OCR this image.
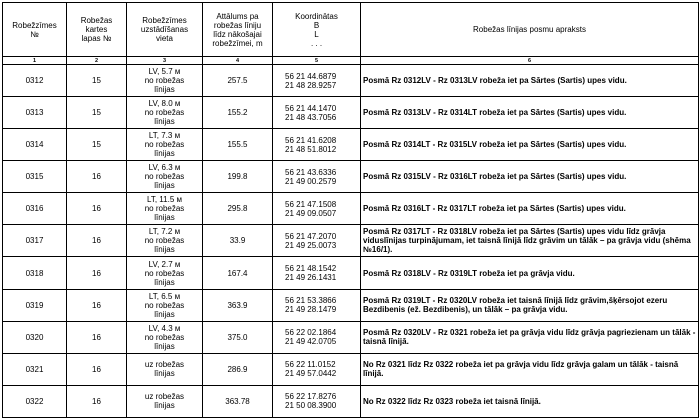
Robežzīmes
№	Robežas
kartes
lapas №	Robežzīmes
uzstādīšanas
vieta	Attālums pa
robežas līniju
līdz nākošajai
robežzīmei, m	Koordinātas
B
L
. . .	Robežas līnijas posmu apraksts
1	2	3	4	5	6
0312	15	LV, 5.7 м
no robežas
līnijas	257.5	56 21 44.6879
21 48 28.9257	Posmā Rz 0312LV - Rz 0313LV robeža iet pa Sārtes (Sartis) upes vidu.
0313	15	LV, 8.0 м
no robežas
līnijas	155.2	56 21 44.1470
21 48 43.7056	Posmā Rz 0313LV - Rz 0314LT robeža iet pa Sārtes (Sartis) upes vidu.
0314	15	LT, 7.3 м
no robežas
līnijas	155.5	56 21 41.6208
21 48 51.8012	Posmā Rz 0314LT - Rz 0315LV robeža iet pa Sārtes (Sartis) upes vidu.
0315	16	LV, 6.3 м
no robežas
līnijas	199.8	56 21 43.6336
21 49 00.2579	Posmā Rz 0315LV - Rz 0316LT robeža iet pa Sārtes (Sartis) upes vidu.
0316	16	LT, 11.5 м
no robežas
līnijas	295.8	56 21 47.1508
21 49 09.0507	Posmā Rz 0316LT - Rz 0317LT robeža iet pa Sārtes (Sartis) upes vidu.
0317	16	LT, 7.2 м
no robežas
līnijas	33.9	56 21 47.2070
21 49 25.0073	Posmā Rz 0317LT - Rz 0318LV robeža iet pa Sārtes (Sartis) upes vidu līdz grāvja viduslīnijas turpinājumam, iet taisnā līnijā līdz grāvim un tālāk – pa grāvja vidu (shēma №16/1).
0318	16	LV, 2.7 м
no robežas
līnijas	167.4	56 21 48.1542
21 49 26.1431	Posmā Rz 0318LV - Rz 0319LT robeža iet pa grāvja vidu.
0319	16	LT, 6.5 м
no robežas
līnijas	363.9	56 21 53.3866
21 49 28.1479	Posmā Rz 0319LT - Rz 0320LV robeža iet taisnā līnijā līdz grāvim,šķērsojot ezeru Bezdibenis (ež. Bezdibenis), un tālāk – pa grāvja vidu.
0320	16	LV, 4.3 м
no robežas
līnijas	375.0	56 22 02.1864
21 49 42.0705	Posmā Rz 0320LV - Rz 0321 robeža iet pa grāvja vidu līdz grāvja pagriezienam un tālāk - taisnā līnijā.
0321	16	uz robežas
līnijas	286.9	56 22 11.0152
21 49 57.0442	No Rz 0321 līdz Rz 0322 robeža iet pa grāvja vidu līdz grāvja galam un tālāk - taisnā līnijā.
0322	16	uz robežas
līnijas	363.78	56 22 17.8276
21 50 08.3900	No Rz 0322 līdz Rz 0323 robeža iet taisnā līnijā.
